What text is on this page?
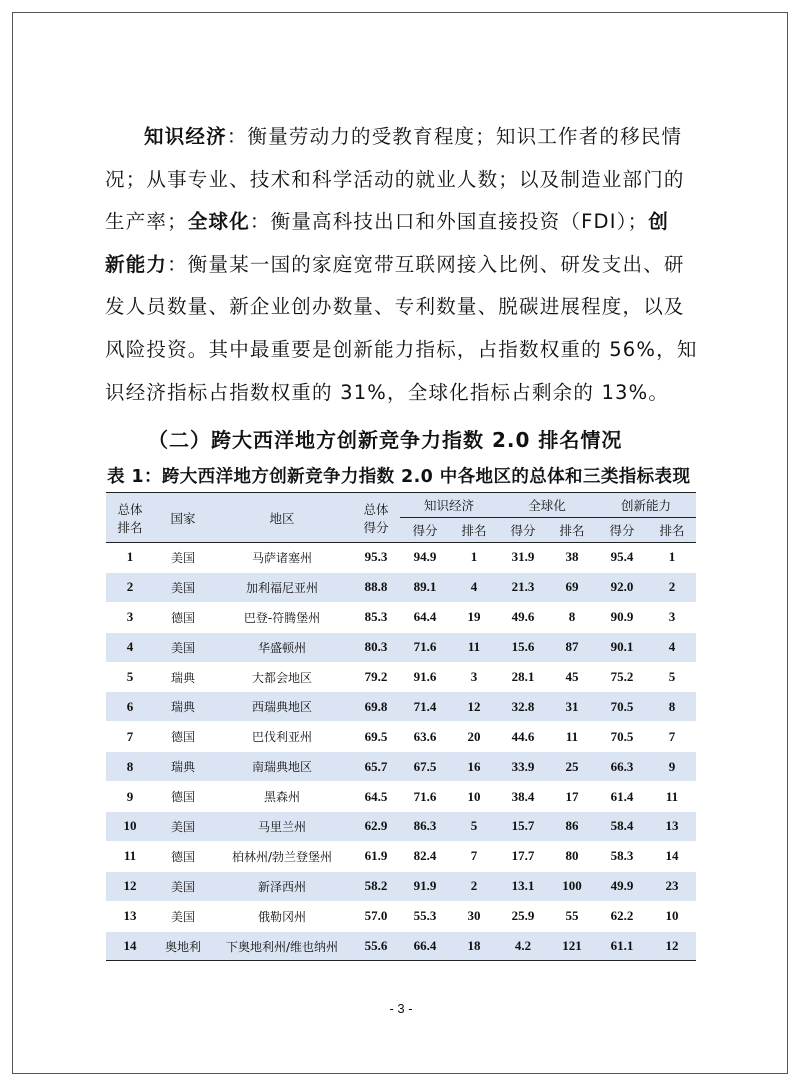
知识经济：衡量劳动力的受教育程度；知识工作者的移民情
况；从事专业、技术和科学活动的就业人数；以及制造业部门的
生产率；全球化：衡量高科技出口和外国直接投资（FDI）；创
新能力：衡量某一国的家庭宽带互联网接入比例、研发支出、研
发人员数量、新企业创办数量、专利数量、脱碳进展程度，以及
风险投资。其中最重要是创新能力指标，占指数权重的 56%，知
识经济指标占指数权重的 31%，全球化指标占剩余的 13%。
（二）跨大西洋地方创新竞争力指数 2.0 排名情况
表 1：跨大西洋地方创新竞争力指数 2.0 中各地区的总体和三类指标表现
总体排名	国家	地区	总体得分	知识经济		全球化		创新能力	
				得分	排名	得分	排名	得分	排名
1	美国	马萨诸塞州	95.3	94.9	1	31.9	38	95.4	1
2	美国	加利福尼亚州	88.8	89.1	4	21.3	69	92.0	2
3	德国	巴登-符腾堡州	85.3	64.4	19	49.6	8	90.9	3
4	美国	华盛顿州	80.3	71.6	11	15.6	87	90.1	4
5	瑞典	大都会地区	79.2	91.6	3	28.1	45	75.2	5
6	瑞典	西瑞典地区	69.8	71.4	12	32.8	31	70.5	8
7	德国	巴伐利亚州	69.5	63.6	20	44.6	11	70.5	7
8	瑞典	南瑞典地区	65.7	67.5	16	33.9	25	66.3	9
9	德国	黑森州	64.5	71.6	10	38.4	17	61.4	11
10	美国	马里兰州	62.9	86.3	5	15.7	86	58.4	13
11	德国	柏林州/勃兰登堡州	61.9	82.4	7	17.7	80	58.3	14
12	美国	新泽西州	58.2	91.9	2	13.1	100	49.9	23
13	美国	俄勒冈州	57.0	55.3	30	25.9	55	62.2	10
14	奥地利	下奥地利州/维也纳州	55.6	66.4	18	4.2	121	61.1	12
- 3 -
